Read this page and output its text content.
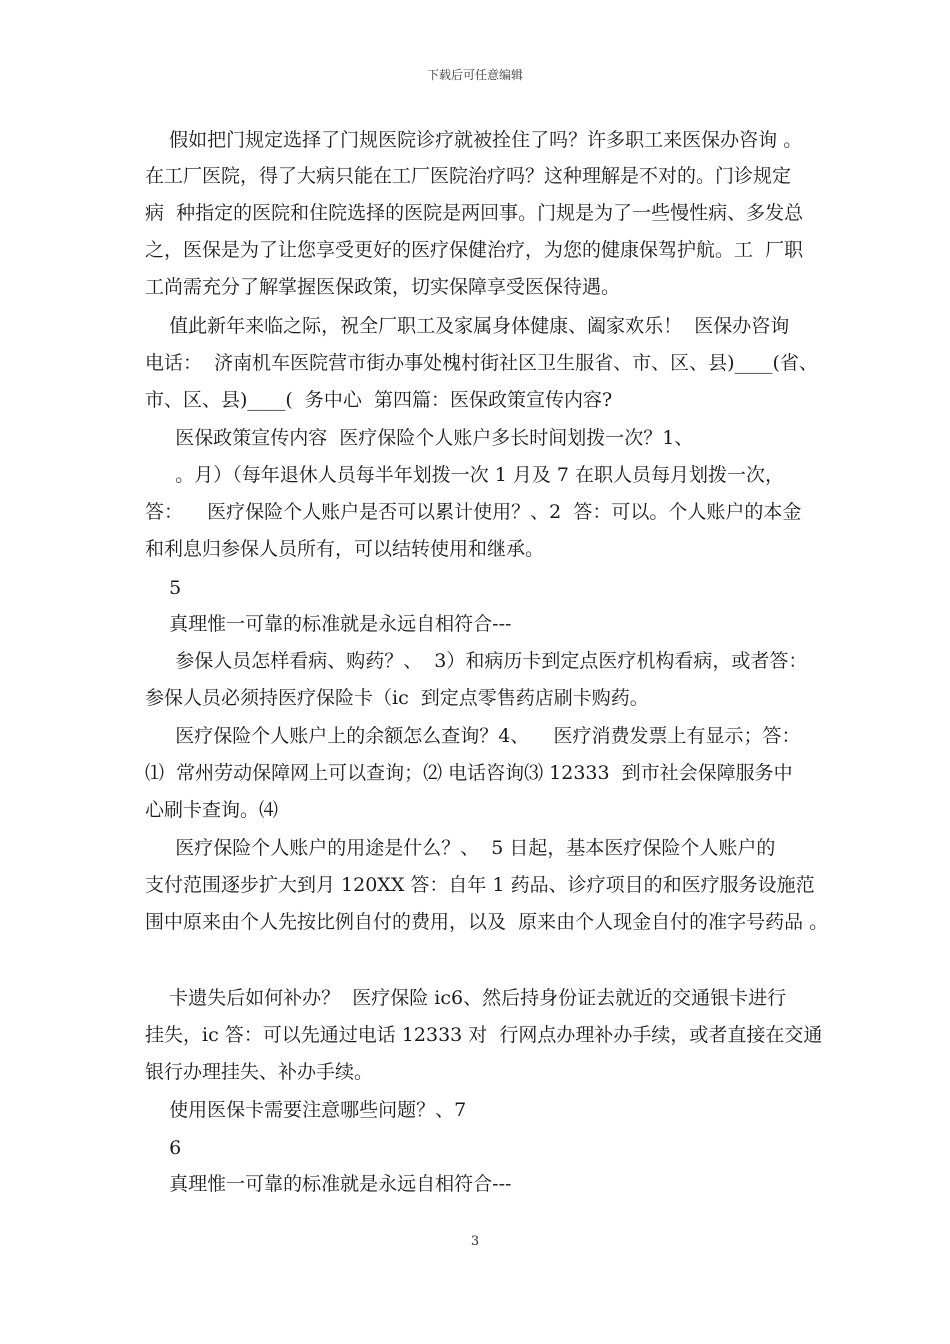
下载后可任意编辑
假如把门规定选择了门规医院诊疗就被拴住了吗？许多职工来医保办咨询 。
在工厂医院，得了大病只能在工厂医院治疗吗？这种理解是不对的。门诊规定
病  种指定的医院和住院选择的医院是两回事。门规是为了一些慢性病、多发总
之，医保是为了让您享受更好的医疗保健治疗，为您的健康保驾护航。工  厂职
工尚需充分了解掌握医保政策，切实保障享受医保待遇。
值此新年来临之际，祝全厂职工及家属身体健康、阖家欢乐！  医保办咨询
电话：  济南机车医院营市街办事处槐村街社区卫生服省、市、区、县)____(省、
市、区、县)____(  务中心  第四篇：医保政策宣传内容?
医保政策宣传内容  医疗保险个人账户多长时间划拨一次？1、
。月）（每年退休人员每半年划拨一次 1 月及 7 在职人员每月划拨一次，
答：    医疗保险个人账户是否可以累计使用？、2  答：可以。个人账户的本金
和利息归参保人员所有，可以结转使用和继承。
5
真理惟一可靠的标准就是永远自相符合---
参保人员怎样看病、购药？、  3）和病历卡到定点医疗机构看病，或者答：
参保人员必须持医疗保险卡（ic  到定点零售药店刷卡购药。
医疗保险个人账户上的余额怎么查询？4、    医疗消费发票上有显示；答：
⑴  常州劳动保障网上可以查询；⑵ 电话咨询⑶ 12333  到市社会保障服务中
心刷卡查询。⑷
医疗保险个人账户的用途是什么？、  5 日起，基本医疗保险个人账户的
支付范围逐步扩大到月 120XX 答：自年 1 药品、诊疗项目的和医疗服务设施范
围中原来由个人先按比例自付的费用，以及  原来由个人现金自付的准字号药品 。
卡遗失后如何补办？  医疗保险 ic6、然后持身份证去就近的交通银卡进行
挂失，ic 答：可以先通过电话 12333 对  行网点办理补办手续，或者直接在交通
银行办理挂失、补办手续。
使用医保卡需要注意哪些问题？、7
6
真理惟一可靠的标准就是永远自相符合---
3
